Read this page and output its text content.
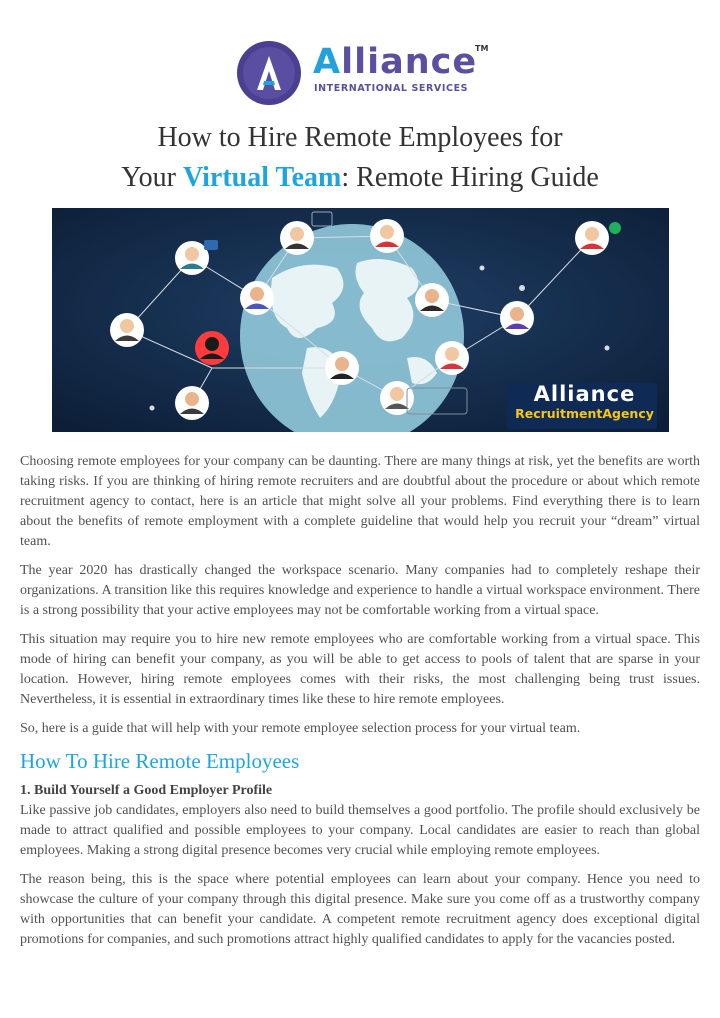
Alliance
TM
INTERNATIONAL SERVICES
How to Hire Remote Employees for
Your Virtual Team: Remote Hiring Guide
Alliance
RecruitmentAgency

Choosing remote employees for your company can be daunting. There are many things at risk, yet the benefits are worth taking risks. If you are thinking of hiring remote recruiters and are doubtful about the procedure or about which remote recruitment agency to contact, here is an article that might solve all your problems. Find everything there is to learn about the benefits of remote employment with a complete guideline that would help you recruit your “dream” virtual team.

The year 2020 has drastically changed the workspace scenario. Many companies had to completely reshape their organizations. A transition like this requires knowledge and experience to handle a virtual workspace environment. There is a strong possibility that your active employees may not be comfortable working from a virtual space.

This situation may require you to hire new remote employees who are comfortable working from a virtual space. This mode of hiring can benefit your company, as you will be able to get access to pools of talent that are sparse in your location. However, hiring remote employees comes with their risks, the most challenging being trust issues. Nevertheless, it is essential in extraordinary times like these to hire remote employees.

So, here is a guide that will help with your remote employee selection process for your virtual team.

How To Hire Remote Employees
1. Build Yourself a Good Employer Profile

Like passive job candidates, employers also need to build themselves a good portfolio. The profile should exclusively be made to attract qualified and possible employees to your company. Local candidates are easier to reach than global employees. Making a strong digital presence becomes very crucial while employing remote employees.

The reason being, this is the space where potential employees can learn about your company. Hence you need to showcase the culture of your company through this digital presence. Make sure you come off as a trustworthy company with opportunities that can benefit your candidate. A competent remote recruitment agency does exceptional digital promotions for companies, and such promotions attract highly qualified candidates to apply for the vacancies posted.
